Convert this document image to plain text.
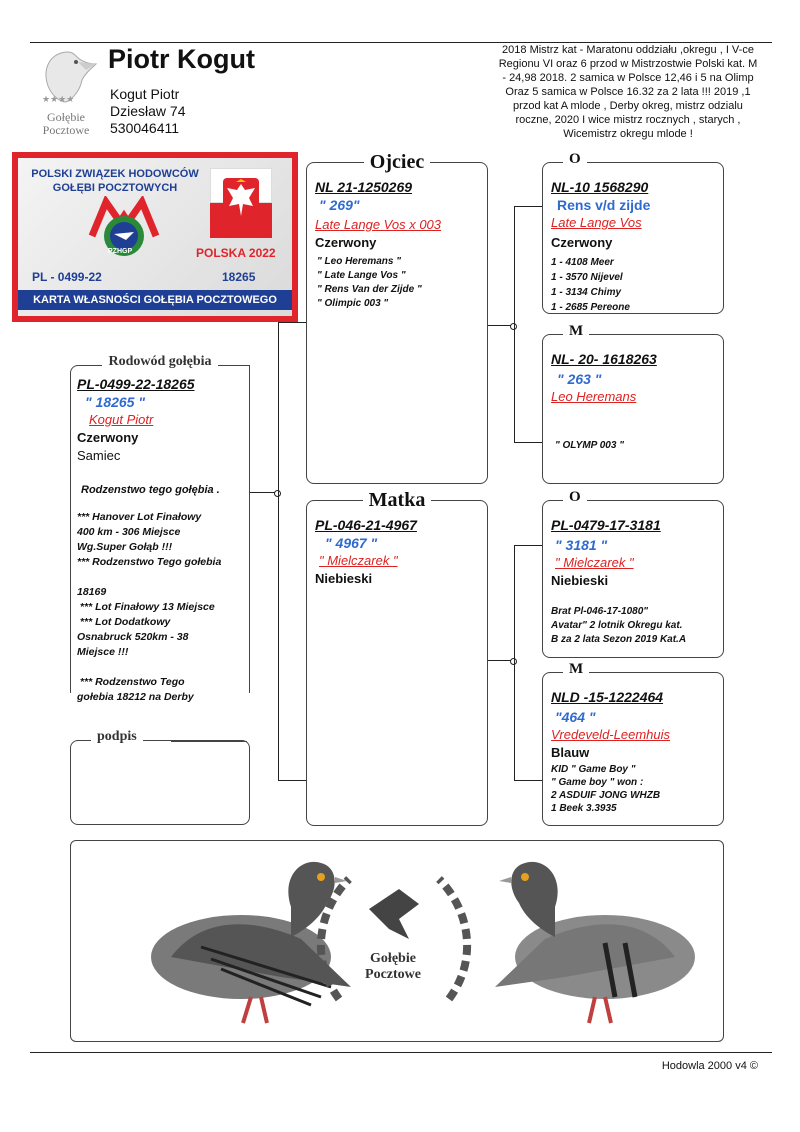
★★★★
Gołębie
Pocztowe
Piotr Kogut
Kogut Piotr
Dziesław 74
530046411
2018 Mistrz kat - Maratonu oddziału ,okregu , I V-ce Regionu VI oraz 6 przod w Mistrzostwie Polski kat. M - 24,98 2018. 2 samica w Polsce 12,46 i 5 na Olimp Oraz 5 samica w Polsce 16.32 za 2 lata !!! 2019 ,1 przod kat A mlode , Derby okreg, mistrz odzialu roczne, 2020 I wice mistrz rocznych , starych , Wicemistrz okregu mlode !
POLSKI ZWIĄZEK HODOWCÓW
GOŁĘBI POCZTOWYCH
PZHGP	POLSKA 2022
PL - 0499-22	18265
KARTA WŁASNOŚCI GOŁĘBIA POCZTOWEGO
Rodowód gołębia
PL-0499-22-18265
" 18265 "
Kogut Piotr
Czerwony
Samiec
Rodzenstwo tego gołębia .
*** Hanover Lot Finałowy
400 km - 306 Miejsce
Wg.Super Gołąb !!!
*** Rodzenstwo Tego gołebia

18169
*** Lot Finałowy 13 Miejsce
*** Lot Dodatkowy
Osnabruck 520km - 38
Miejsce !!!

*** Rodzenstwo Tego
gołebia 18212 na Derby
podpis
Ojciec
NL 21-1250269
" 269"
Late Lange Vos x 003
Czerwony
" Leo Heremans "
" Late Lange Vos "
" Rens Van der Zijde "
" Olimpic 003 "
Matka
PL-046-21-4967
" 4967 "
" Mielczarek "
Niebieski
O
NL-10 1568290
Rens v/d zijde
Late Lange Vos
Czerwony
1 - 4108 Meer
1 - 3570 Nijevel
1 - 3134 Chimy
1 - 2685 Pereone
M
NL- 20- 1618263
" 263 "
Leo Heremans
" OLYMP 003 "
O
PL-0479-17-3181
" 3181 "
" Mielczarek "
Niebieski
Brat Pl-046-17-1080"
Avatar" 2 lotnik Okregu kat.
B za 2 lata Sezon 2019 Kat.A
M
NLD -15-1222464
"464 "
Vredeveld-Leemhuis
Blauw
KID " Game Boy "
" Game boy " won :
2 ASDUIF JONG WHZB
1 Beek 3.3935
Gołębie
Pocztowe
Hodowla 2000 v4 ©
